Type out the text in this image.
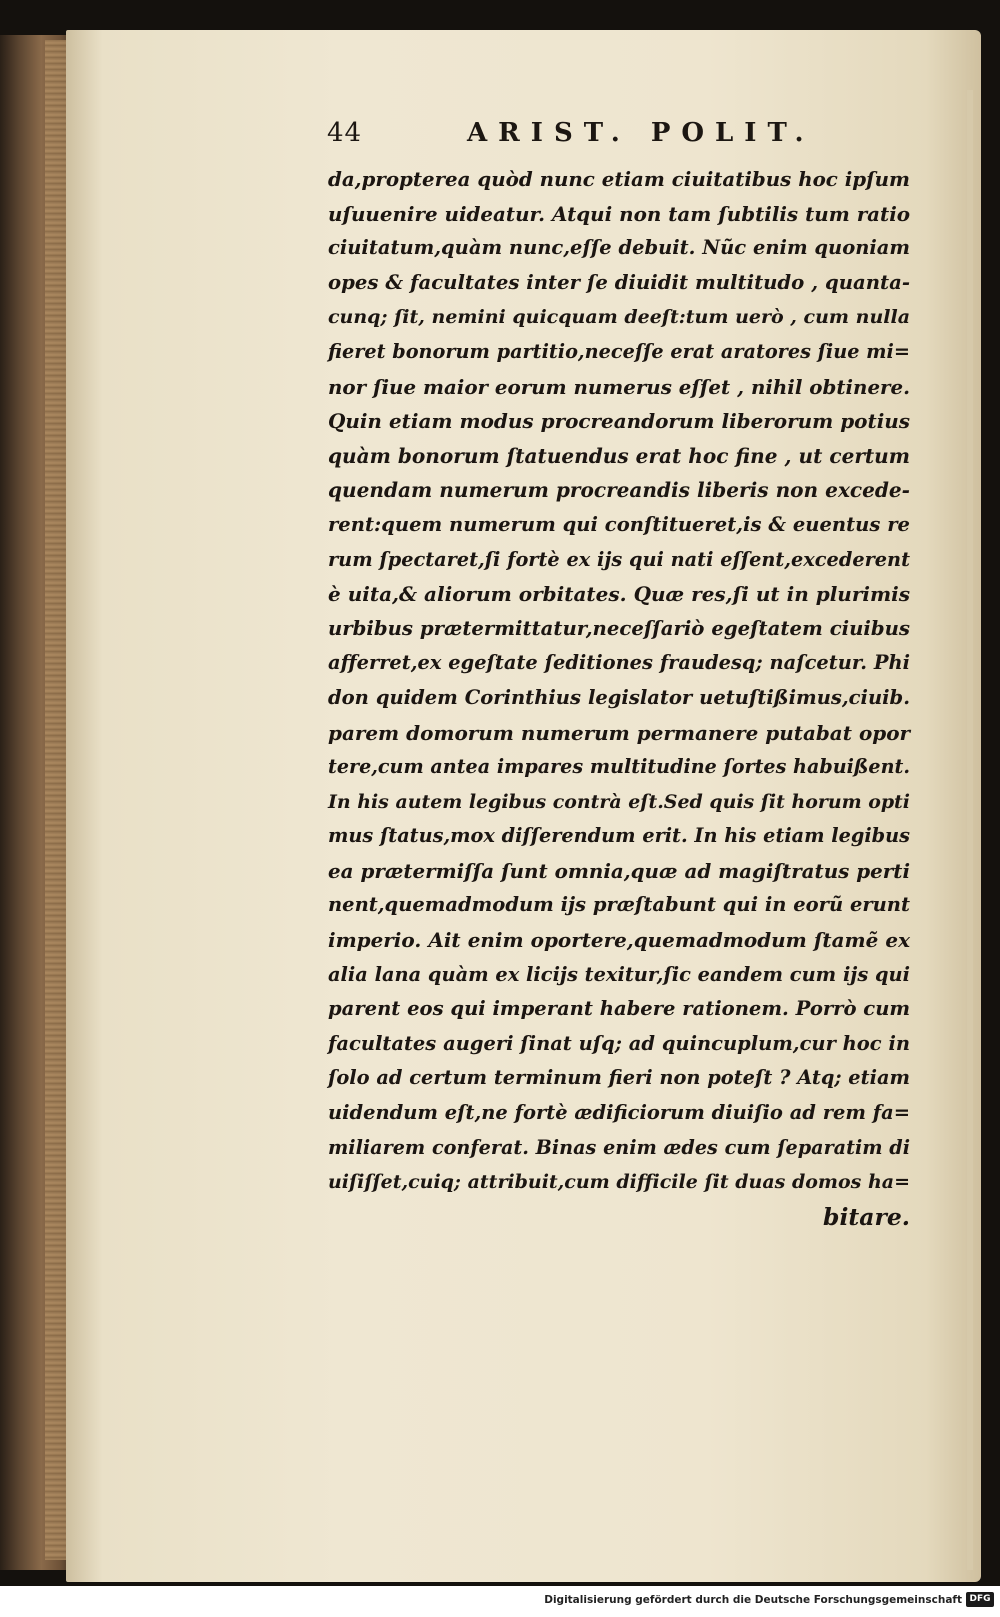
44	ARIST. POLIT.
da,propterea quòd nunc etiam ciuitatibus hoc ipſum
uſuuenire uideatur. Atqui non tam ſubtilis tum ratio
ciuitatum,quàm nunc,eſſe debuit. Nũc enim quoniam
opes & facultates inter ſe diuidit multitudo , quanta-
cunq; ſit, nemini quicquam deeſt:tum uerò , cum nulla
fieret bonorum partitio,neceſſe erat aratores ſiue mi=
nor ſiue maior eorum numerus eſſet , nihil obtinere.
Quin etiam modus procreandorum liberorum potius
quàm bonorum ſtatuendus erat hoc fine , ut certum
quendam numerum procreandis liberis non excede-
rent:quem numerum qui conſtitueret,is & euentus re
rum ſpectaret,ſi fortè ex ijs qui nati eſſent,excederent
è uita,& aliorum orbitates. Quæ res,ſi ut in plurimis
urbibus prætermittatur,neceſſariò egeſtatem ciuibus
afferret,ex egeſtate ſeditiones fraudesq; naſcetur. Phi
don quidem Corinthius legislator uetuſtißimus,ciuib.
parem domorum numerum permanere putabat opor
tere,cum antea impares multitudine ſortes habuißent.
In his autem legibus contrà eſt.Sed quis ſit horum opti
mus ſtatus,mox diſſerendum erit. In his etiam legibus
ea prætermiſſa ſunt omnia,quæ ad magiſtratus perti
nent,quemadmodum ijs præſtabunt qui in eorũ erunt
imperio. Ait enim oportere,quemadmodum ſtamẽ ex
alia lana quàm ex licijs texitur,ſic eandem cum ijs qui
parent eos qui imperant habere rationem. Porrò cum
facultates augeri ſinat uſq; ad quincuplum,cur hoc in
ſolo ad certum terminum fieri non poteſt ? Atq; etiam
uidendum eſt,ne fortè ædificiorum diuiſio ad rem fa=
miliarem conferat. Binas enim ædes cum ſeparatim di
uiſiſſet,cuiq; attribuit,cum difficile ſit duas domos ha=
bitare.
Digitalisierung gefördert durch die Deutsche Forschungsgemeinschaft DFG
